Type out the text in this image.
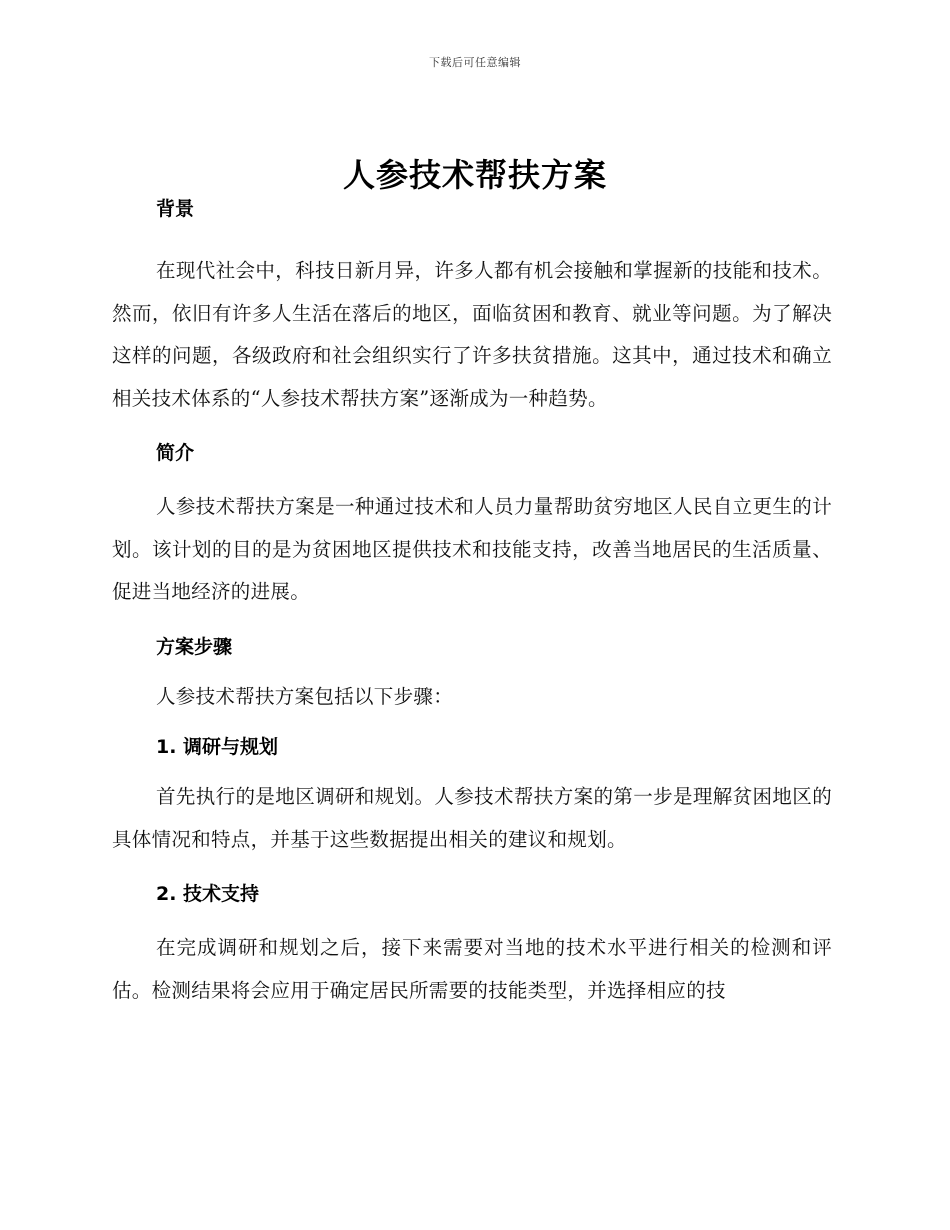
下载后可任意编辑
人参技术帮扶方案
背景

在现代社会中，科技日新月异，许多人都有机会接触和掌握新的技能和技术。然而，依旧有许多人生活在落后的地区，面临贫困和教育、就业等问题。为了解决这样的问题，各级政府和社会组织实行了许多扶贫措施。这其中，通过技术和确立相关技术体系的“人参技术帮扶方案”逐渐成为一种趋势。

简介

人参技术帮扶方案是一种通过技术和人员力量帮助贫穷地区人民自立更生的计划。该计划的目的是为贫困地区提供技术和技能支持，改善当地居民的生活质量、促进当地经济的进展。

方案步骤

人参技术帮扶方案包括以下步骤：

1. 调研与规划

首先执行的是地区调研和规划。人参技术帮扶方案的第一步是理解贫困地区的具体情况和特点，并基于这些数据提出相关的建议和规划。

2. 技术支持

在完成调研和规划之后，接下来需要对当地的技术水平进行相关的检测和评估。检测结果将会应用于确定居民所需要的技能类型，并选择相应的技
